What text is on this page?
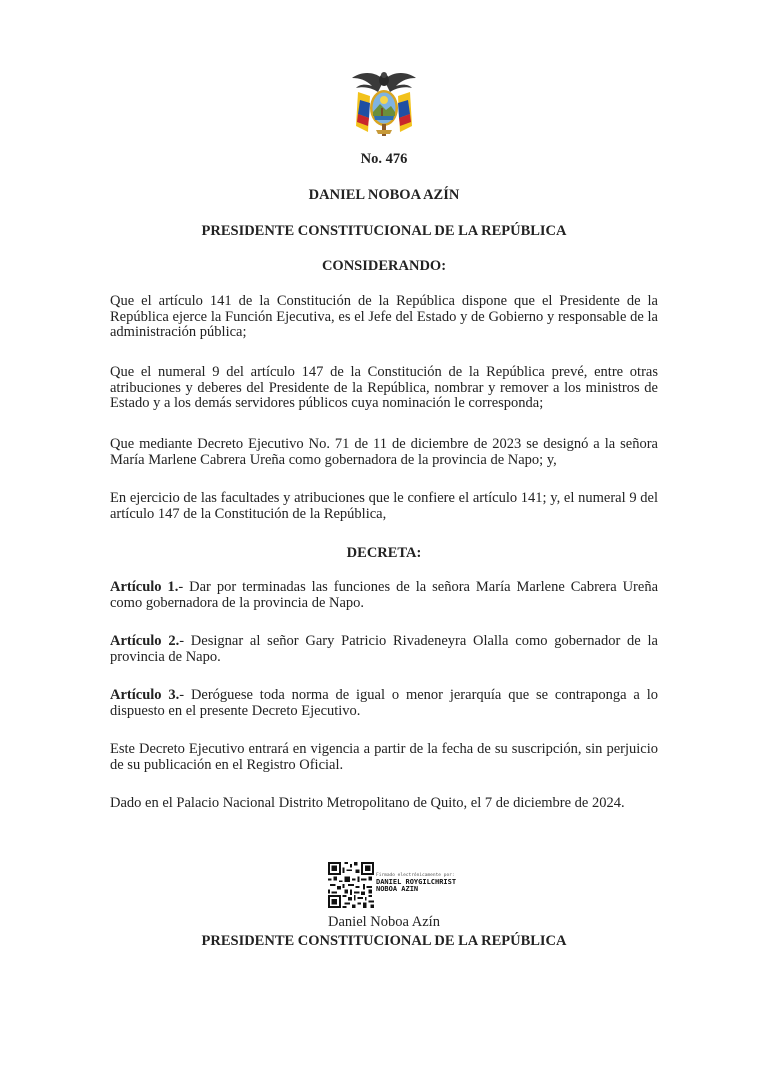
No. 476
DANIEL NOBOA AZÍN
PRESIDENTE CONSTITUCIONAL DE LA REPÚBLICA
CONSIDERANDO:
Que el artículo 141 de la Constitución de la República dispone que el Presidente de la República ejerce la Función Ejecutiva, es el Jefe del Estado y de Gobierno y responsable de la administración pública;
Que el numeral 9 del artículo 147 de la Constitución de la República prevé, entre otras atribuciones y deberes del Presidente de la República, nombrar y remover a los ministros de Estado y a los demás servidores públicos cuya nominación le corresponda;
Que mediante Decreto Ejecutivo No. 71 de 11 de diciembre de 2023 se designó a la señora María Marlene Cabrera Ureña como gobernadora de la provincia de Napo; y,
En ejercicio de las facultades y atribuciones que le confiere el artículo 141; y, el numeral 9 del artículo 147 de la Constitución de la República,
DECRETA:
Artículo 1.- Dar por terminadas las funciones de la señora María Marlene Cabrera Ureña como gobernadora de la provincia de Napo.
Artículo 2.- Designar al señor Gary Patricio Rivadeneyra Olalla como gobernador de la provincia de Napo.
Artículo 3.- Deróguese toda norma de igual o menor jerarquía que se contraponga a lo dispuesto en el presente Decreto Ejecutivo.
Este Decreto Ejecutivo entrará en vigencia a partir de la fecha de su suscripción, sin perjuicio de su publicación en el Registro Oficial.
Dado en el Palacio Nacional Distrito Metropolitano de Quito, el 7 de diciembre de 2024.
Firmado electrónicamente por:
DANIEL ROYGILCHRIST
NOBOA AZIN
Daniel Noboa Azín
PRESIDENTE CONSTITUCIONAL DE LA REPÚBLICA
